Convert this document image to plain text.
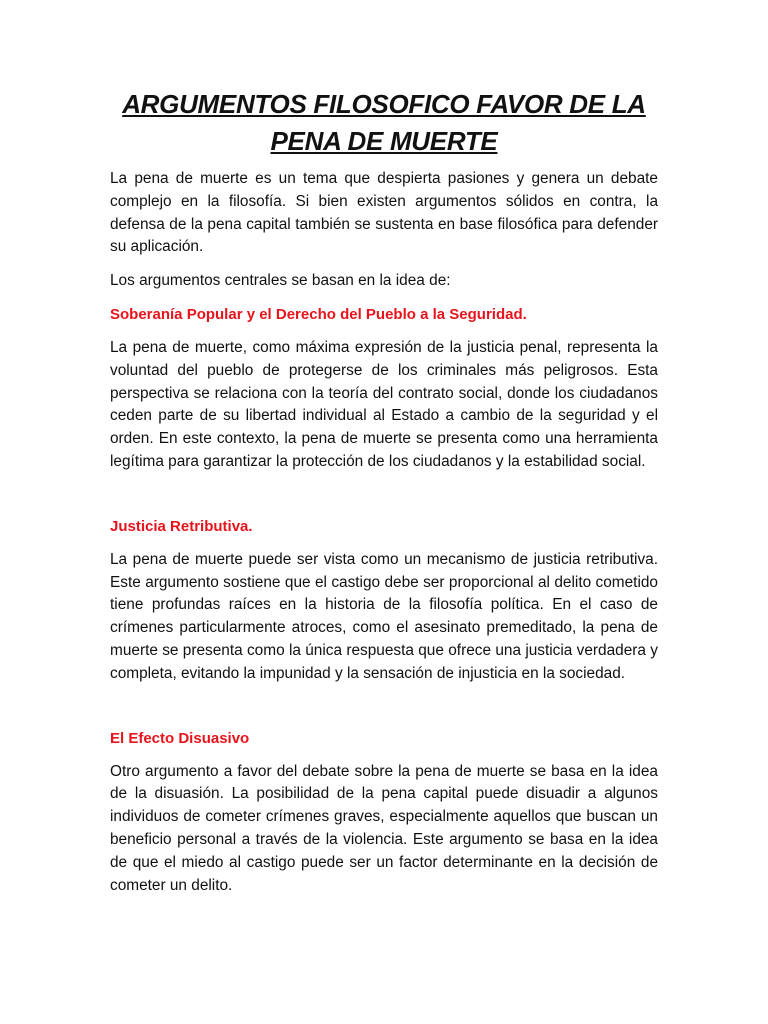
ARGUMENTOS FILOSOFICO FAVOR DE LA
PENA DE MUERTE
La pena de muerte es un tema que despierta pasiones y genera un debate complejo en la filosofía. Si bien existen argumentos sólidos en contra, la defensa de la pena capital también se sustenta en base filosófica para defender su aplicación.
Los argumentos centrales se basan en la idea de:
Soberanía Popular y el Derecho del Pueblo a la Seguridad.
La pena de muerte, como máxima expresión de la justicia penal, representa la voluntad del pueblo de protegerse de los criminales más peligrosos. Esta perspectiva se relaciona con la teoría del contrato social, donde los ciudadanos ceden parte de su libertad individual al Estado a cambio de la seguridad y el orden. En este contexto, la pena de muerte se presenta como una herramienta legítima para garantizar la protección de los ciudadanos y la estabilidad social.
Justicia Retributiva.
La pena de muerte puede ser vista como un mecanismo de justicia retributiva. Este argumento sostiene que el castigo debe ser proporcional al delito cometido tiene profundas raíces en la historia de la filosofía política. En el caso de crímenes particularmente atroces, como el asesinato premeditado, la pena de muerte se presenta como la única respuesta que ofrece una justicia verdadera y completa, evitando la impunidad y la sensación de injusticia en la sociedad.
El Efecto Disuasivo
Otro argumento a favor del debate sobre la pena de muerte se basa en la idea de la disuasión. La posibilidad de la pena capital puede disuadir a algunos individuos de cometer crímenes graves, especialmente aquellos que buscan un beneficio personal a través de la violencia. Este argumento se basa en la idea de que el miedo al castigo puede ser un factor determinante en la decisión de cometer un delito.
